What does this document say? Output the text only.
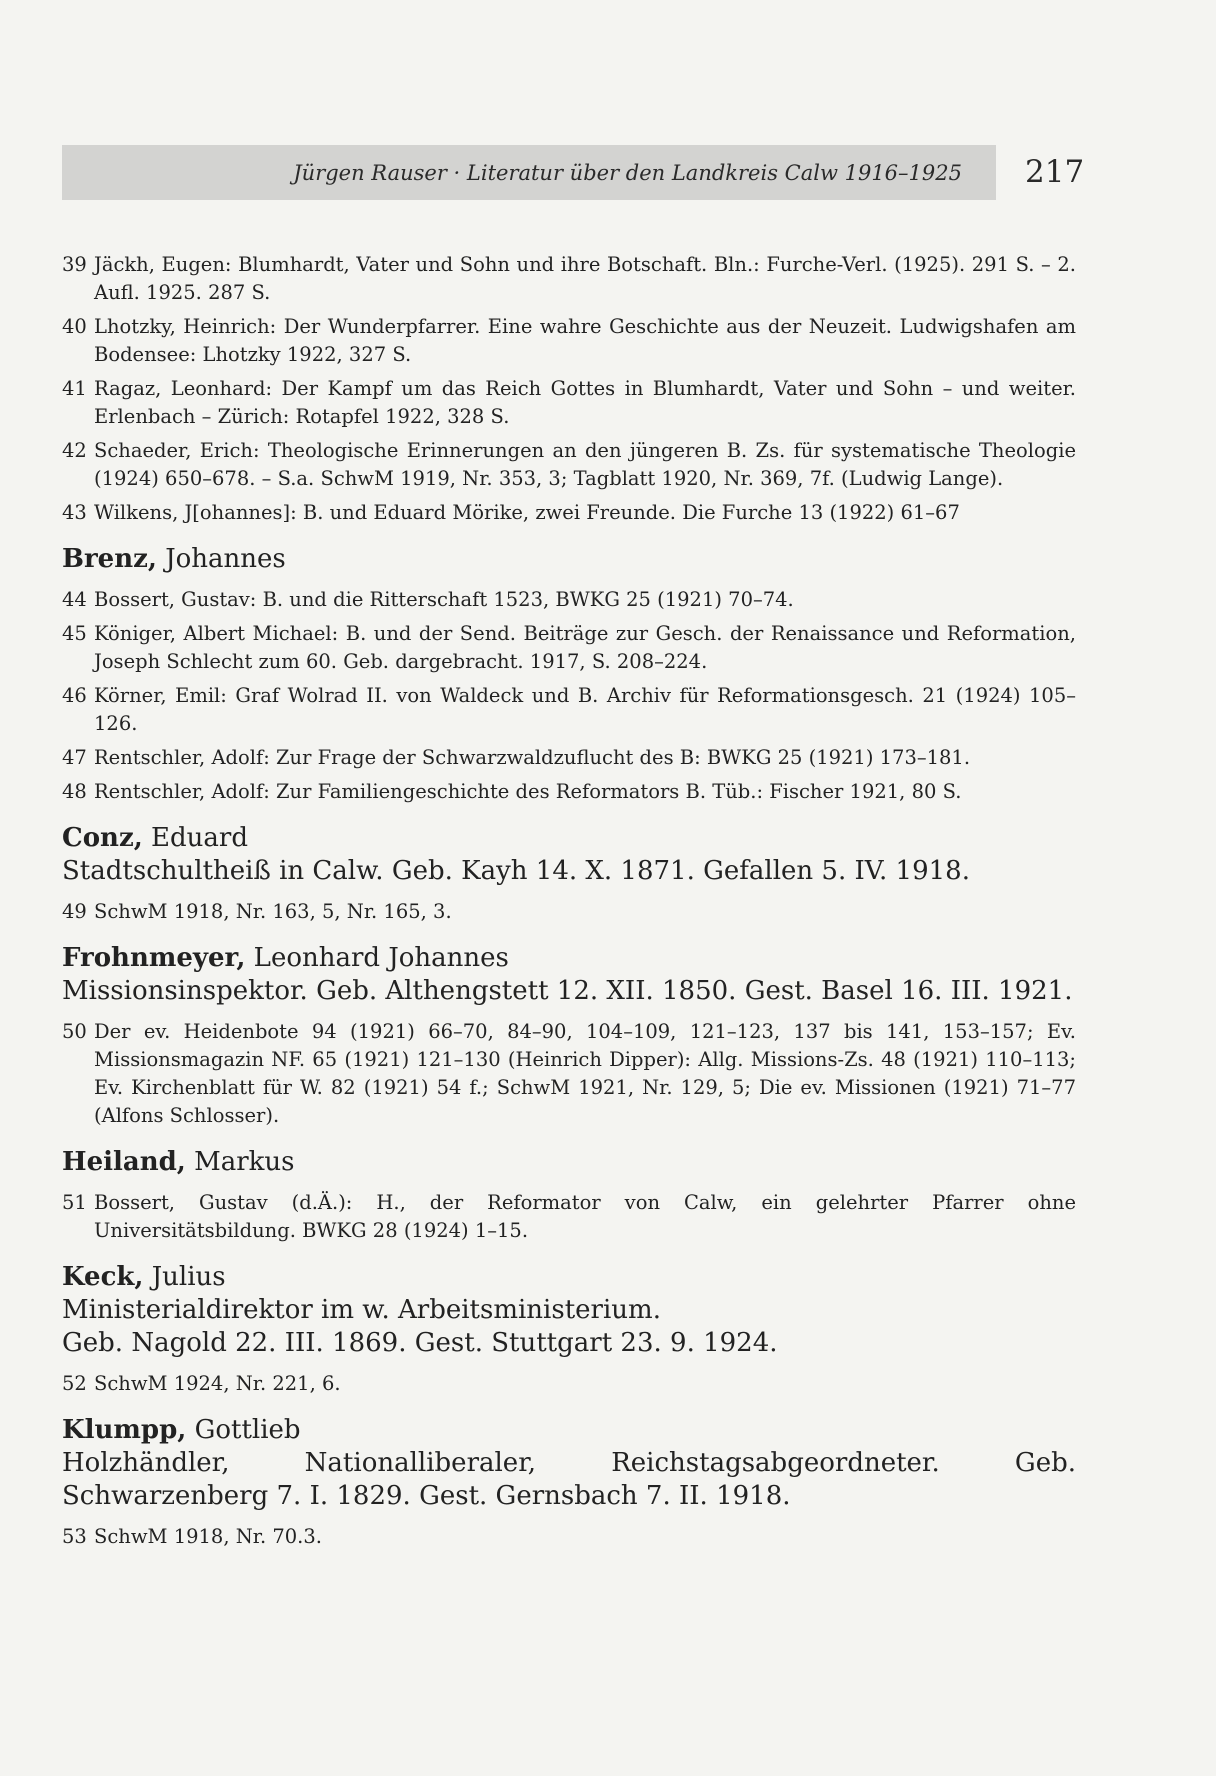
Jürgen Rauser · Literatur über den Landkreis Calw 1916–1925 217
39 Jäckh, Eugen: Blumhardt, Vater und Sohn und ihre Botschaft. Bln.: Furche-Verl. (1925). 291 S. – 2. Aufl. 1925. 287 S.
40 Lhotzky, Heinrich: Der Wunderpfarrer. Eine wahre Geschichte aus der Neuzeit. Ludwigshafen am Bodensee: Lhotzky 1922, 327 S.
41 Ragaz, Leonhard: Der Kampf um das Reich Gottes in Blumhardt, Vater und Sohn – und weiter. Erlenbach – Zürich: Rotapfel 1922, 328 S.
42 Schaeder, Erich: Theologische Erinnerungen an den jüngeren B. Zs. für systematische Theologie (1924) 650–678. – S.a. SchwM 1919, Nr. 353, 3; Tagblatt 1920, Nr. 369, 7f. (Ludwig Lange).
43 Wilkens, J[ohannes]: B. und Eduard Mörike, zwei Freunde. Die Furche 13 (1922) 61–67
Brenz, Johannes
44 Bossert, Gustav: B. und die Ritterschaft 1523, BWKG 25 (1921) 70–74.
45 Königer, Albert Michael: B. und der Send. Beiträge zur Gesch. der Renaissance und Reformation, Joseph Schlecht zum 60. Geb. dargebracht. 1917, S. 208–224.
46 Körner, Emil: Graf Wolrad II. von Waldeck und B. Archiv für Reformationsgesch. 21 (1924) 105–126.
47 Rentschler, Adolf: Zur Frage der Schwarzwaldzuflucht des B: BWKG 25 (1921) 173–181.
48 Rentschler, Adolf: Zur Familiengeschichte des Reformators B. Tüb.: Fischer 1921, 80 S.
Conz, Eduard
Stadtschultheiß in Calw. Geb. Kayh 14. X. 1871. Gefallen 5. IV. 1918.
49 SchwM 1918, Nr. 163, 5, Nr. 165, 3.
Frohnmeyer, Leonhard Johannes
Missionsinspektor. Geb. Althengstett 12. XII. 1850. Gest. Basel 16. III. 1921.
50 Der ev. Heidenbote 94 (1921) 66–70, 84–90, 104–109, 121–123, 137 bis 141, 153–157; Ev. Missionsmagazin NF. 65 (1921) 121–130 (Heinrich Dipper): Allg. Missions-Zs. 48 (1921) 110–113; Ev. Kirchenblatt für W. 82 (1921) 54 f.; SchwM 1921, Nr. 129, 5; Die ev. Missionen (1921) 71–77 (Alfons Schlosser).
Heiland, Markus
51 Bossert, Gustav (d.Ä.): H., der Reformator von Calw, ein gelehrter Pfarrer ohne Universitätsbildung. BWKG 28 (1924) 1–15.
Keck, Julius
Ministerialdirektor im w. Arbeitsministerium.
Geb. Nagold 22. III. 1869. Gest. Stuttgart 23. 9. 1924.
52 SchwM 1924, Nr. 221, 6.
Klumpp, Gottlieb
Holzhändler, Nationalliberaler, Reichstagsabgeordneter. Geb. Schwarzenberg 7. I. 1829. Gest. Gernsbach 7. II. 1918.
53 SchwM 1918, Nr. 70.3.
